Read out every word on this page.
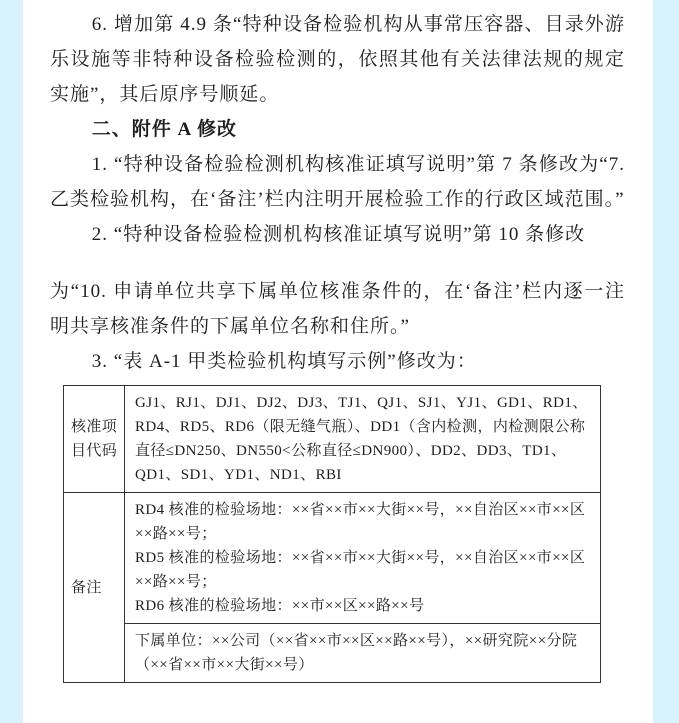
6. 增加第 4.9 条“特种设备检验机构从事常压容器、目录外游乐设施等非特种设备检验检测的，依照其他有关法律法规的规定实施”，其后原序号顺延。

二、附件 A 修改

1. “特种设备检验检测机构核准证填写说明”第 7 条修改为“7. 乙类检验机构，在‘备注’栏内注明开展检验工作的行政区域范围。”

2. “特种设备检验检测机构核准证填写说明”第 10 条修改

为“10. 申请单位共享下属单位核准条件的，在‘备注’栏内逐一注明共享核准条件的下属单位名称和住所。”

3. “表 A-1 甲类检验机构填写示例”修改为：

核准项目代码	GJ1、RJ1、DJ1、DJ2、DJ3、TJ1、QJ1、SJ1、YJ1、GD1、RD1、RD4、RD5、RD6（限无缝气瓶）、DD1（含内检测，内检测限公称直径≤DN250、DN550<公称直径≤DN900）、DD2、DD3、TD1、QD1、SD1、YD1、ND1、RBI
备注	RD4 核准的检验场地：××省××市××大街××号，××自治区××市××区××路××号；

RD5 核准的检验场地：××省××市××大街××号，××自治区××市××区××路××号；

RD6 核准的检验场地：××市××区××路××号

	下属单位：××公司（××省××市××区××路××号），××研究院××分院（××省××市××大街××号）
